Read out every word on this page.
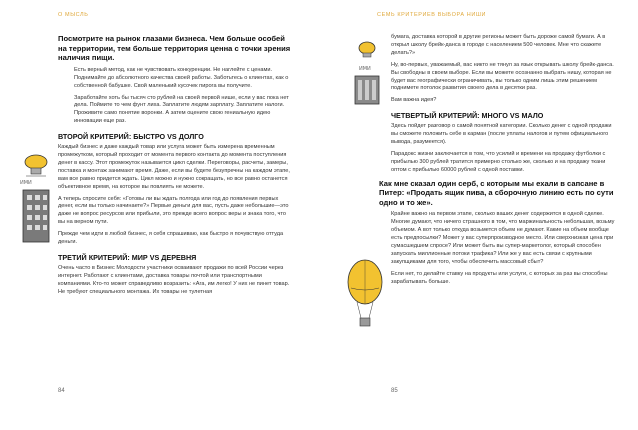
О МЫСЛЬ

Посмотрите на рынок глазами бизнеса. Чем больше особей на территории, тем больше территория ценна с точки зрения наличия пищи.

Есть верный метод, как не чувствовать конкуренции. Не наглейте с ценами. Поднимайте до абсолютного качества своей работы. Заботьтесь о клиентах, как о собственной бабушке. Свой маленький кусочек пирога вы получите.

Заработайте хоть бы тысяч сто рублей на своей первой нише, если у вас пока нет дела. Поймите то чем фунт лиха. Заплатите людям зарплату. Заплатите налоги. Проживите само понятие воронки. А затем оцените свою гениальную идею инновации еще раз.

ВТОРОЙ КРИТЕРИЙ: БЫСТРО VS ДОЛГО

Каждый бизнес и даже каждый товар или услуга может быть измерена временным промежутком, который проходит от момента первого контакта до момента поступления денег в кассу. Этот промежуток называется цикл сделки. Переговоры, расчеты, замеры, поставка и монтаж занимают время. Даже, если вы будете безупречны на каждом этапе, вам все равно придется ждать. Цикл можно и нужно сокращать, но все равно останется объективное время, на которое вы повлиять не можете.

А теперь спросите себя: «Готовы ли вы ждать полгода или год до появления первых денег, если вы только начинаете?» Первые деньги для вас, пусть даже небольшие—это даже не вопрос ресурсов или прибыли, это прежде всего вопрос веры и знака того, что вы на верном пути.

Прежде чем идти в любой бизнес, я себя спрашиваю, как быстро я почувствую оттуда деньги.

ТРЕТИЙ КРИТЕРИЙ: МИР VS ДЕРЕВНЯ

Очень часто в Бизнес Молодости участники осваивают продажи по всей России через интернет. Работают с клиентами, доставка товары почтой или транспортными компаниями. Кто-то может справедливо возразить: «Ага, им легко! У них не пинет товар. Не требуют специального монтажа. Их товары не тулетная

ИМИ
84
СЕМЬ КРИТЕРИЕВ ВЫБОРА НИШИ

бумага, доставка которой в другие регионы может быть дороже самой бумаги. А в открыл школу брейк-данса в городе с населением 500 человек. Мне что скажете делать?»

Ну, во-первых, уважаемый, вас никто не тянул за язык открывать школу брейк-данса. Вы свободны в своем выборе. Если вы можете осознанно выбрать нишу, которая не будет вас географически ограничивать, вы только одним лишь этим решением поднимете потолок развития своего дела в десятки раз.

Вам важна идея?

ЧЕТВЕРТЫЙ КРИТЕРИЙ: МНОГО VS МАЛО

Здесь пойдет разговор о самой понятной категории. Сколько денег с одной продажи вы сможете положить себе в карман (после уплаты налогов и путем официального вывода, разумеется).

Парадокс жизни заключается в том, что усилий и времени на продажу футболки с прибылью 300 рублей тратится примерно столько же, сколько и на продажу ткани оптом с прибылью 60000 рублей с одной поставки.

Как мне сказал один серб, с которым мы ехали в сапсане в Питер: «Продать ящик пива, а сборочную линию есть по сути одно и то же».

Крайне важно на первом этапе, сколько ваших денег содержится в одной сделке. Многие думают, что ничего страшного в том, что маржинальность небольшая, возьму объемом. А вот только откуда возьмется объем не думают. Какие на объем вообще есть предпосылки? Может у вас суперпроизводное место. Или сверхнизкая цена при сумасшедшем спросе? Или может быть вы супер-маркетолог, который способен запускать миллионные потоки трафика? Или же у вас есть связи с крупными закупщиками для того, чтобы обеспечить массовый сбыт?

Если нет, то делайте ставку на продукты или услуги, с которых за раз вы способны зарабатывать больше.

ИМИ
85
